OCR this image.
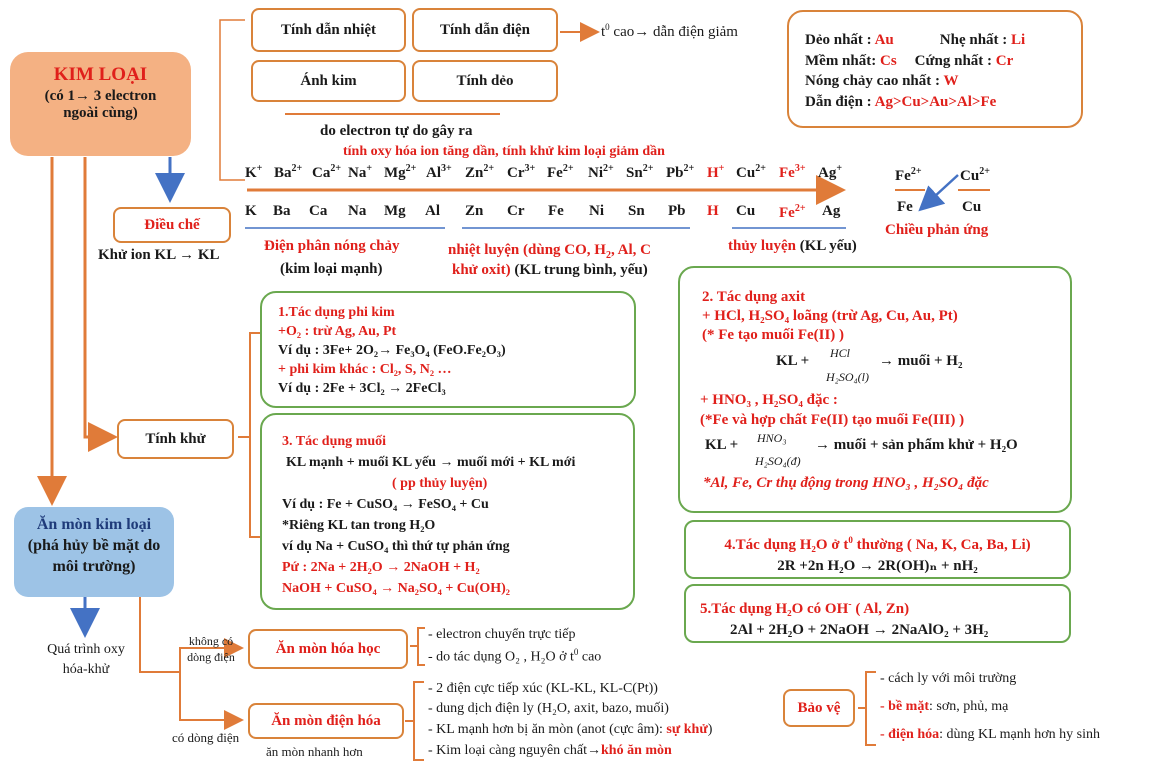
KIM LOẠI
(có 1→ 3 electron ngoài cùng)
Tính dẫn nhiệt	Tính dẫn điện
Ánh kim	Tính dẻo
$t^0$ cao→ dẫn điện giảm
do electron tự do gây ra
Dẻo nhất : Au	Nhẹ nhất : Li
Mềm nhất: Cs Cứng nhất : Cr
Nóng chảy cao nhất : W
Dẫn điện : Ag>Cu>Au>Al>Fe
tính oxy hóa ion tăng dần, tính khử kim loại giảm dần
K+ $Ba^{2+}$ $Ca^{2+}$ Na+ $Mg^{2+}$ $Al^{3+}$ $Zn^{2+}$ $Cr^{3+}$ $Fe^{2+}$ $Ni^{2+}$ $Sn^{2+}$ $Pb^{2+}$ H+ $Cu^{2+}$ $Fe^{3+}$ Ag+
K Ba Ca Na Mg Al Zn Cr Fe Ni Sn Pb H Cu $Fe^{2+}$ Ag
Điện phân nóng chảy
(kim loại mạnh)
nhiệt luyện (dùng CO, $H_2$, Al, C
khử oxit) (KL trung bình, yếu)
thủy luyện (KL yếu)
$Fe^{2+}$	$Cu^{2+}$
Fe	Cu
Chiều phản ứng
Điều chế
Khử ion KL → KL
Tính khử
1.Tác dụng phi kim
+O₂ : trừ Ag, Au, Pt
Ví dụ : 3Fe+ 2O₂→ Fe₃O₄ (FeO.Fe₂O₃)
+ phi kim khác : Cl₂, S, N₂ …
Ví dụ : 2Fe + 3Cl₂ → 2FeCl₃
3. Tác dụng muối
KL mạnh + muối KL yếu → muối mới + KL mới
( pp thủy luyện)
Ví dụ : Fe + CuSO₄ → FeSO₄ + Cu
*Riêng KL tan trong H₂O
ví dụ Na + CuSO₄ thì thứ tự phản ứng
Pứ : 2Na + 2H₂O → 2NaOH + H₂
NaOH + CuSO₄ → Na₂SO₄ + Cu(OH)₂
2. Tác dụng axit
+ HCl, H₂SO₄ loãng (trừ Ag, Cu, Au, Pt)
(* Fe tạo muối Fe(II) )
KL + HCl
H₂SO₄(l)
→ muối + H₂
+ HNO₃ , H₂SO₄ đặc :
(*Fe và hợp chất Fe(II) tạo muối Fe(III) )
KL + HNO₃
H₂SO₄(đ)
→ muối + sản phẩm khử + H₂O
*Al, Fe, Cr thụ động trong HNO₃ , H₂SO₄ đặc
4.Tác dụng H₂O ở $t^0$ thường ( Na, K, Ca, Ba, Li)
2R +2n H₂O → 2R(OH)ₙ + nH₂
5.Tác dụng H₂O có OH- ( Al, Zn)
2Al + 2H₂O + 2NaOH → 2NaAlO₂ + 3H₂
Ăn mòn kim loại
(phá hủy bề mặt do môi trường)
Quá trình oxy hóa-khử
không có dòng điện
có dòng điện
Ăn mòn hóa học
- electron chuyển trực tiếp
- do tác dụng O₂ , H₂O ở $t^0$ cao
Ăn mòn điện hóa
ăn mòn nhanh hơn
- 2 điện cực tiếp xúc (KL-KL, KL-C(Pt))
- dung dịch điện ly (H₂O, axit, bazo, muối)
- KL mạnh hơn bị ăn mòn (anot (cực âm): sự khử)
- Kim loại càng nguyên chất→khó ăn mòn
Bảo vệ
- cách ly với môi trường
- bề mặt: sơn, phủ, mạ
- điện hóa: dùng KL mạnh hơn hy sinh
